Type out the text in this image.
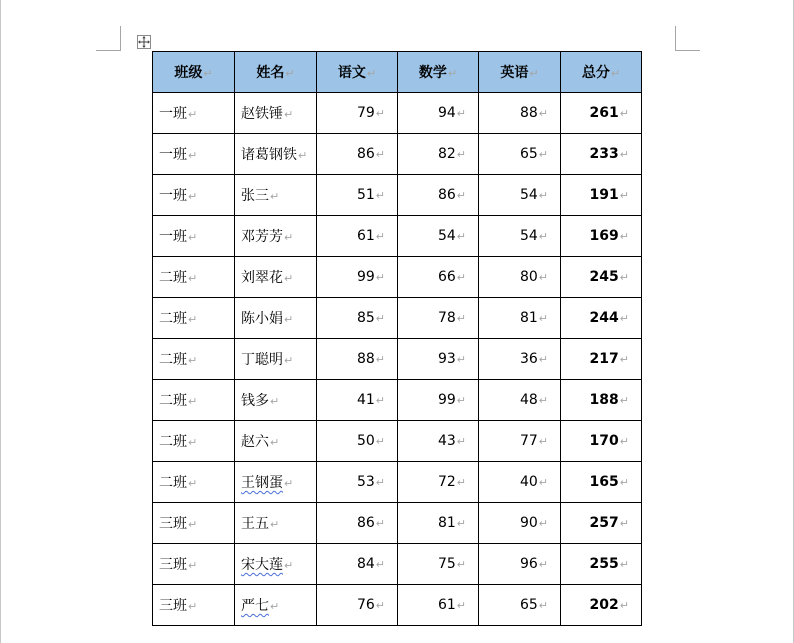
班级↵	姓名↵	语文↵	数学↵	英语↵	总分↵
一班↵	赵铁锤↵	79↵	94↵	88↵	261↵
一班↵	诸葛钢铁↵	86↵	82↵	65↵	233↵
一班↵	张三↵	51↵	86↵	54↵	191↵
一班↵	邓芳芳↵	61↵	54↵	54↵	169↵
二班↵	刘翠花↵	99↵	66↵	80↵	245↵
二班↵	陈小娟↵	85↵	78↵	81↵	244↵
二班↵	丁聪明↵	88↵	93↵	36↵	217↵
二班↵	钱多↵	41↵	99↵	48↵	188↵
二班↵	赵六↵	50↵	43↵	77↵	170↵
二班↵	王钢蛋↵	53↵	72↵	40↵	165↵
三班↵	王五↵	86↵	81↵	90↵	257↵
三班↵	宋大莲↵	84↵	75↵	96↵	255↵
三班↵	严七↵	76↵	61↵	65↵	202↵
